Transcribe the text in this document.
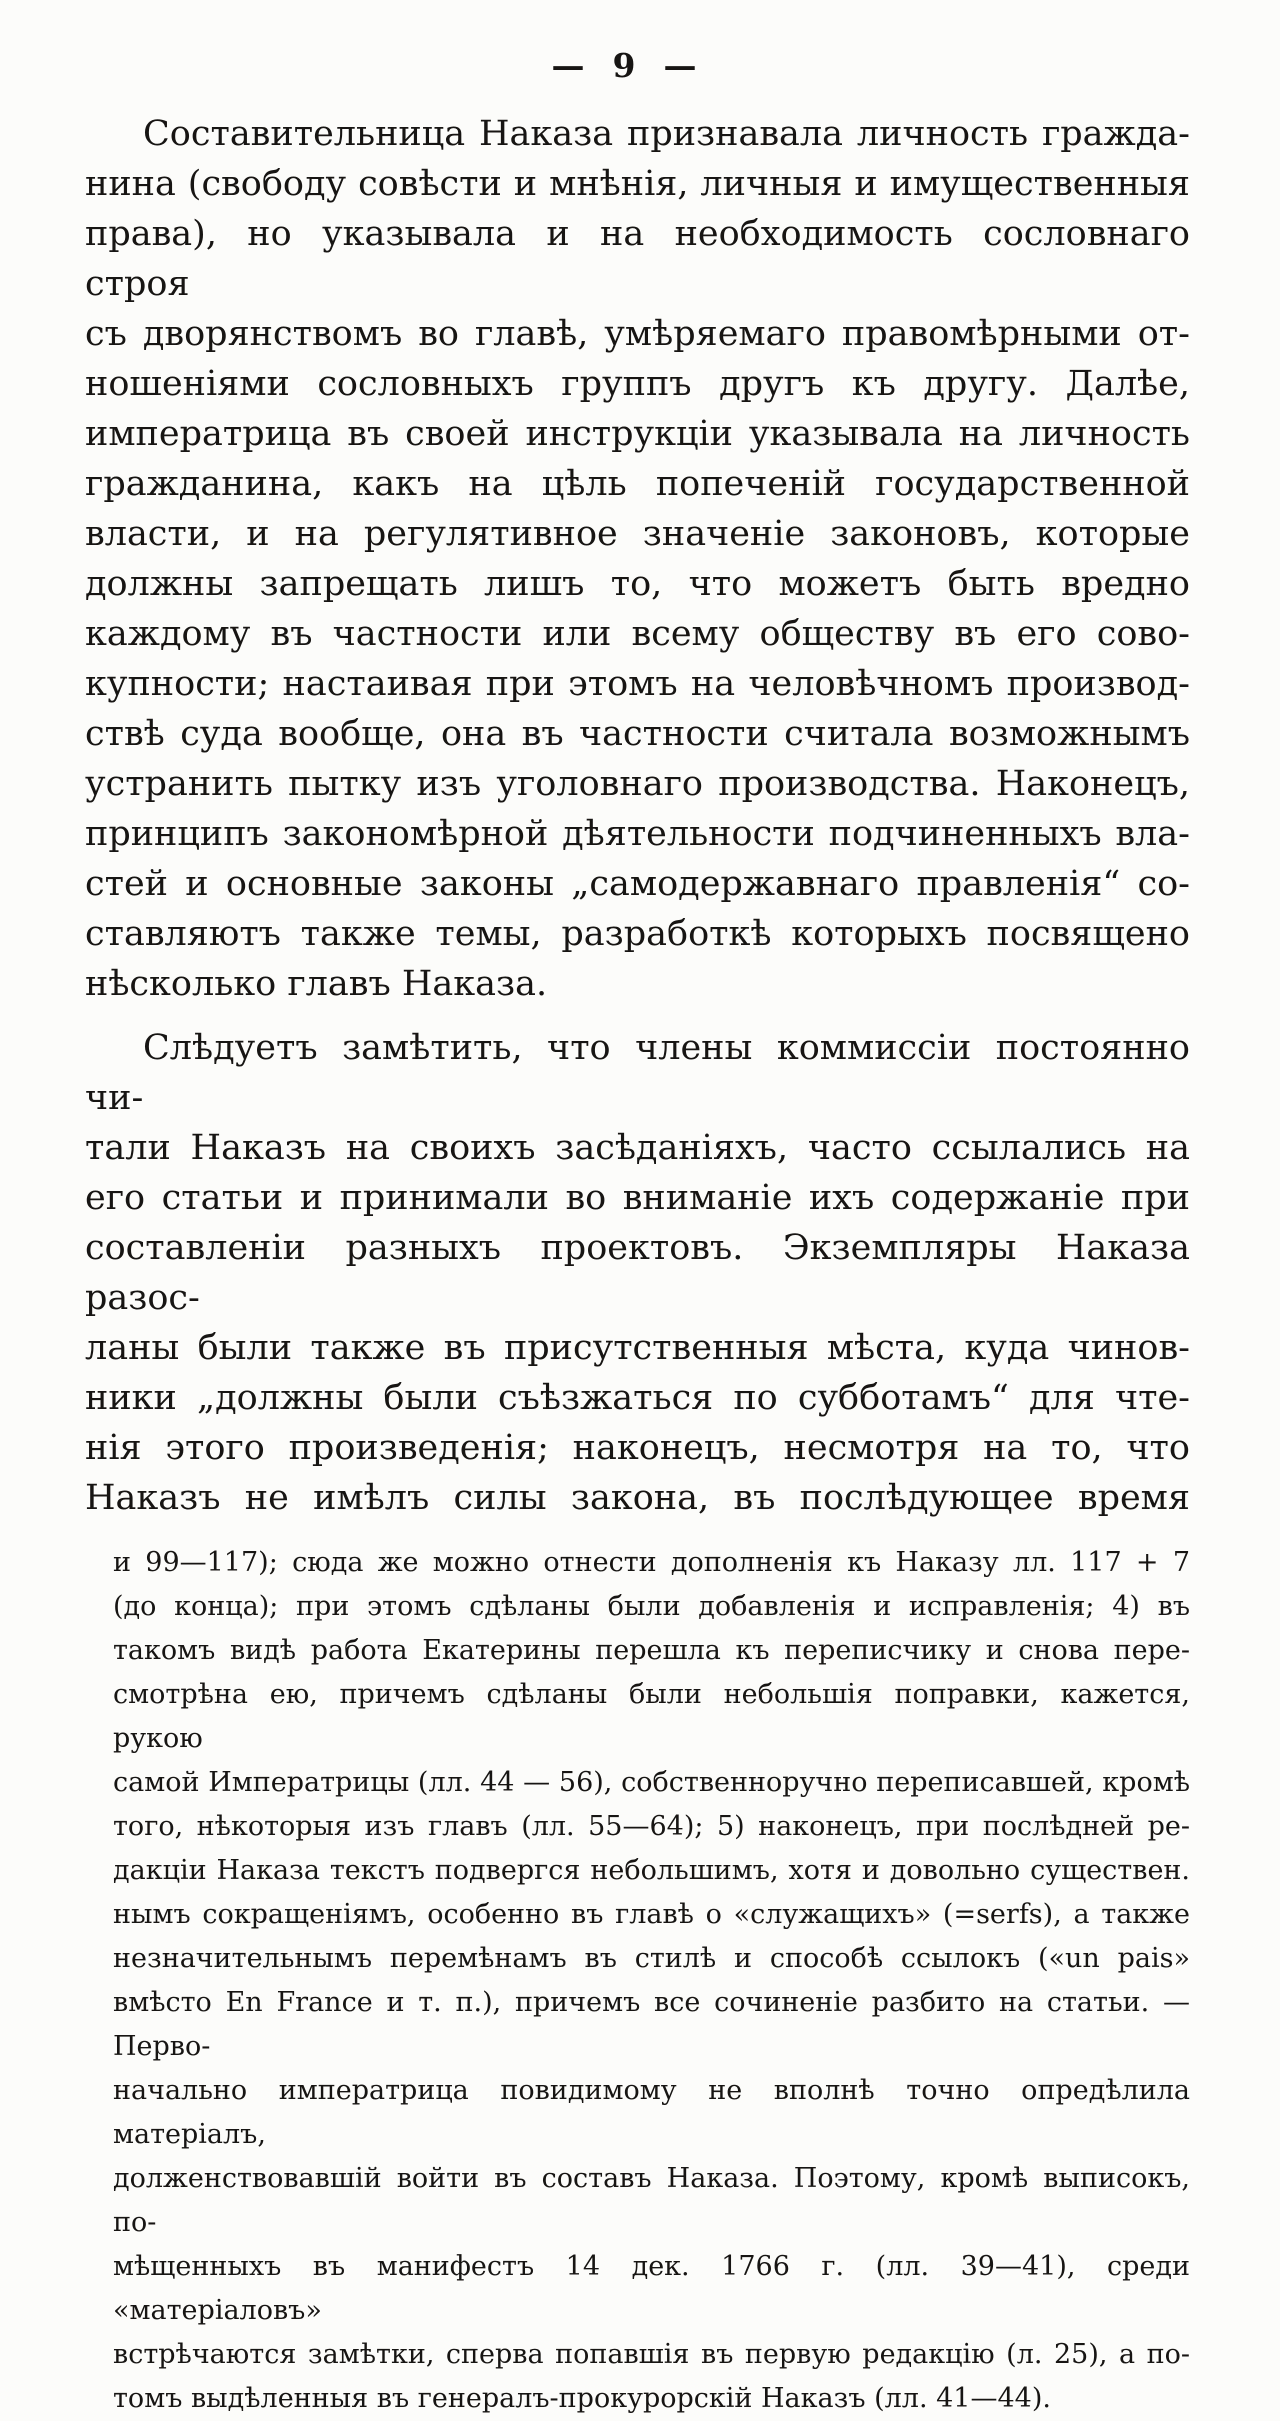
— 9 —
Составительница Наказа признавала личность гражда-
нина (свободу совѣсти и мнѣнія, личныя и имущественныя
права), но указывала и на необходимость сословнаго строя
съ дворянствомъ во главѣ, умѣряемаго правомѣрными от-
ношеніями сословныхъ группъ другъ къ другу. Далѣе,
императрица въ своей инструкціи указывала на личность
гражданина, какъ на цѣль попеченій государственной
власти, и на регулятивное значеніе законовъ, которые
должны запрещать лишъ то, что можетъ быть вредно
каждому въ частности или всему обществу въ его сово-
купности; настаивая при этомъ на человѣчномъ производ-
ствѣ суда вообще, она въ частности считала возможнымъ
устранить пытку изъ уголовнаго производства. Наконецъ,
принципъ закономѣрной дѣятельности подчиненныхъ вла-
стей и основные законы „самодержавнаго правленія“ со-
ставляютъ также темы, разработкѣ которыхъ посвящено
нѣсколько главъ Наказа.
Слѣдуетъ замѣтить, что члены коммиссіи постоянно чи-
тали Наказъ на своихъ засѣданіяхъ, часто ссылались на
его статьи и принимали во вниманіе ихъ содержаніе при
составленіи разныхъ проектовъ. Экземпляры Наказа разос-
ланы были также въ присутственныя мѣста, куда чинов-
ники „должны были съѣзжаться по субботамъ“ для чте-
нія этого произведенія; наконецъ, несмотря на то, что
Наказъ не имѣлъ силы закона, въ послѣдующее время
и 99—117); сюда же можно отнести дополненія къ Наказу лл. 117 + 7
(до конца); при этомъ сдѣланы были добавленія и исправленія; 4) въ
такомъ видѣ работа Екатерины перешла къ переписчику и снова пере-
смотрѣна ею, причемъ сдѣланы были небольшія поправки, кажется, рукою
самой Императрицы (лл. 44 — 56), собственноручно переписавшей, кромѣ
того, нѣкоторыя изъ главъ (лл. 55—64); 5) наконецъ, при послѣдней ре-
дакціи Наказа текстъ подвергся небольшимъ, хотя и довольно существен.
нымъ сокращеніямъ, особенно въ главѣ о «служащихъ» (=serfs), а также
незначительнымъ перемѣнамъ въ стилѣ и способѣ ссылокъ («un pais»
вмѣсто En France и т. п.), причемъ все сочиненіе разбито на статьи. —Перво-
начально императрица повидимому не вполнѣ точно опредѣлила матеріалъ,
долженствовавшій войти въ составъ Наказа. Поэтому, кромѣ выписокъ, по-
мѣщенныхъ въ манифестъ 14 дек. 1766 г. (лл. 39—41), среди «матеріаловъ»
встрѣчаются замѣтки, сперва попавшія въ первую редакцію (л. 25), а по-
томъ выдѣленныя въ генералъ-прокурорскій Наказъ (лл. 41—44).
